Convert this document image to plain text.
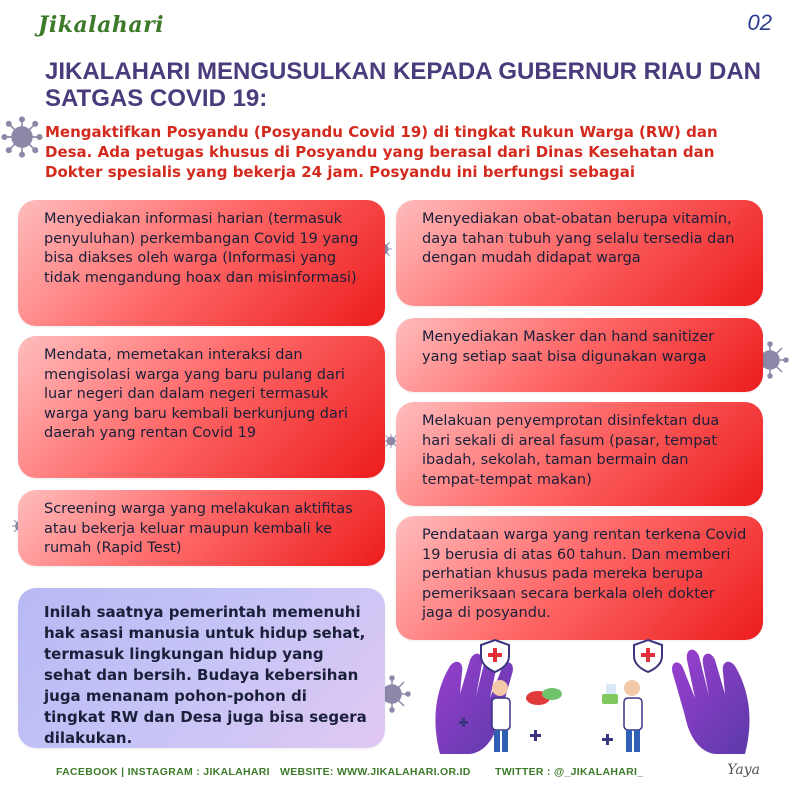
Jikalahari	02
JIKALAHARI MENGUSULKAN KEPADA GUBERNUR RIAU DAN SATGAS COVID 19:
Mengaktifkan Posyandu (Posyandu Covid 19) di tingkat Rukun Warga (RW) dan Desa. Ada petugas khusus di Posyandu yang berasal dari Dinas Kesehatan dan Dokter spesialis yang bekerja 24 jam. Posyandu ini berfungsi sebagai
Menyediakan informasi harian (termasuk penyuluhan) perkembangan Covid 19 yang bisa diakses oleh warga (Informasi yang tidak mengandung hoax dan misinformasi)
Mendata, memetakan interaksi dan mengisolasi warga yang baru pulang dari luar negeri dan dalam negeri termasuk warga yang baru kembali berkunjung dari daerah yang rentan Covid 19
Screening warga yang melakukan aktifitas atau bekerja keluar maupun kembali ke rumah (Rapid Test)
Inilah saatnya pemerintah memenuhi hak asasi manusia untuk hidup sehat, termasuk lingkungan hidup yang sehat dan bersih. Budaya kebersihan juga menanam pohon-pohon di tingkat RW dan Desa juga bisa segera dilakukan.
Menyediakan obat-obatan berupa vitamin, daya tahan tubuh yang selalu tersedia dan dengan mudah didapat warga
Menyediakan Masker dan hand sanitizer yang setiap saat bisa digunakan warga
Melakuan penyemprotan disinfektan dua hari sekali di areal fasum (pasar, tempat ibadah, sekolah, taman bermain dan tempat-tempat makan)
Pendataan warga yang rentan terkena Covid 19 berusia di atas 60 tahun. Dan memberi perhatian khusus pada mereka berupa pemeriksaan secara berkala oleh dokter jaga di posyandu.
FACEBOOK | INSTAGRAM : JIKALAHARI WEBSITE: WWW.JIKALAHARI.OR.ID TWITTER : @_JIKALAHARI_	Yaya
